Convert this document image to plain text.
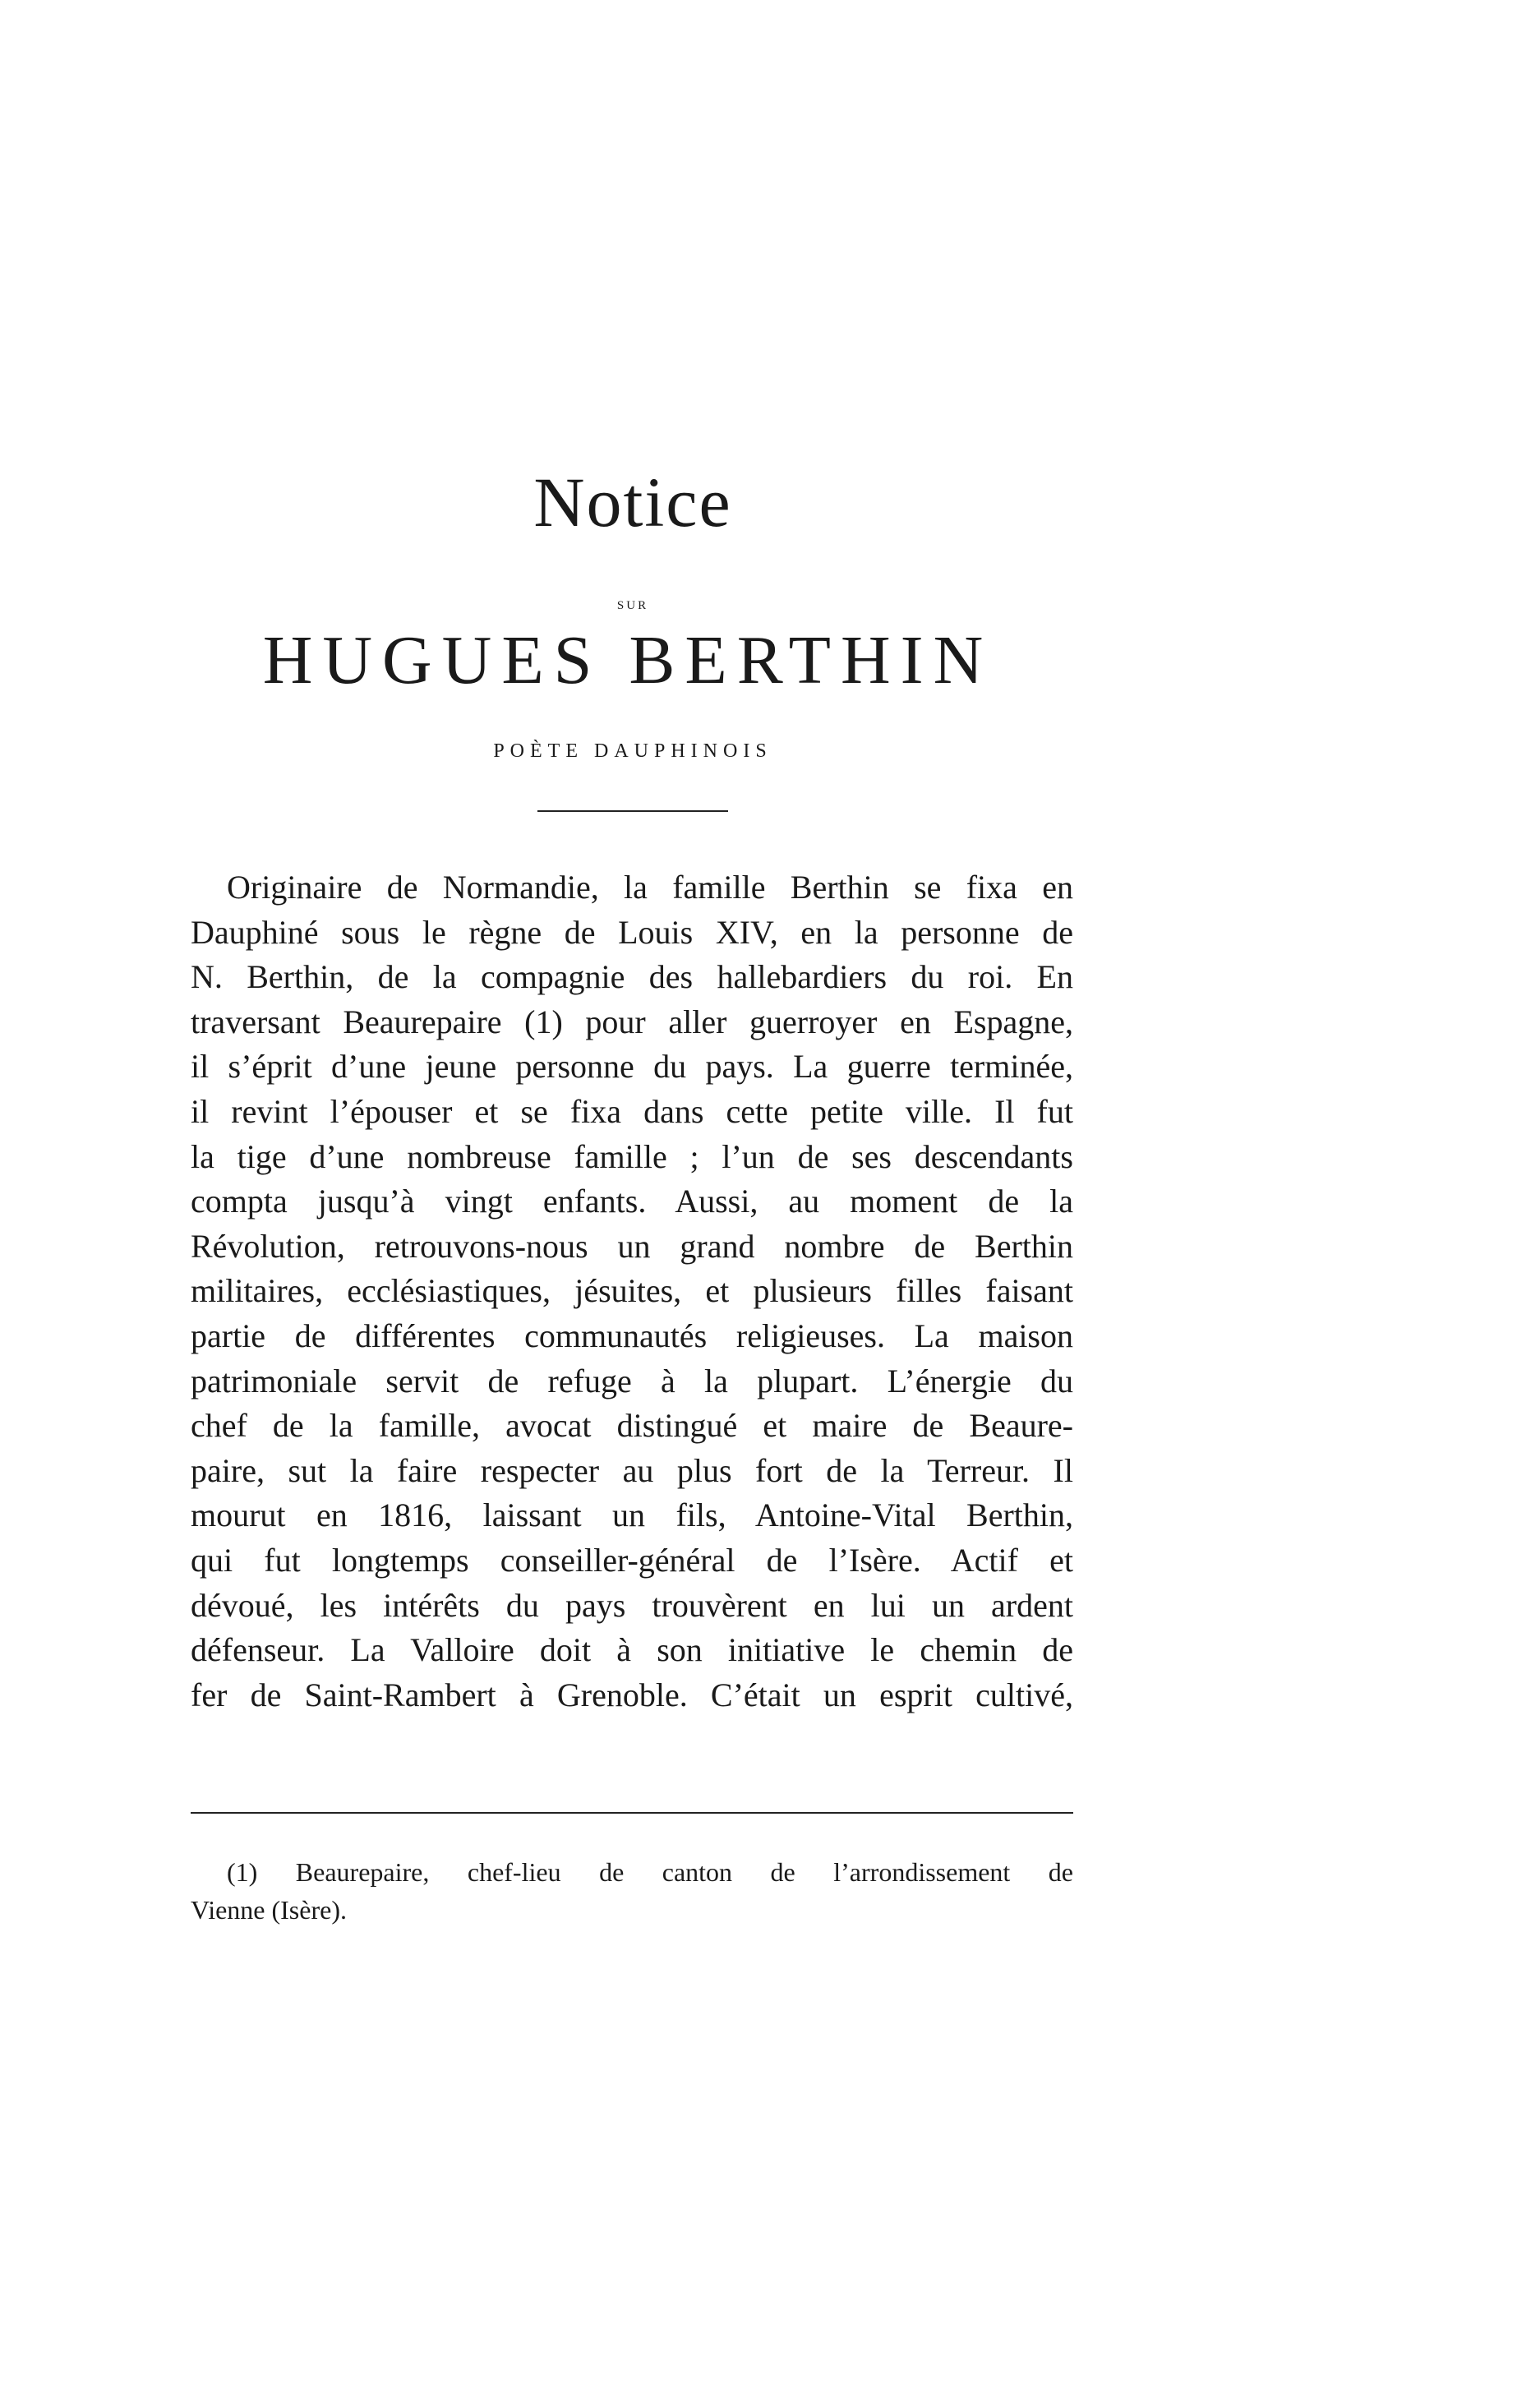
Notice
SUR
HUGUES BERTHIN
POÈTE DAUPHINOIS
Originaire de Normandie, la famille Berthin se fixa en
Dauphiné sous le règne de Louis XIV, en la personne de
N. Berthin, de la compagnie des hallebardiers du roi. En
traversant Beaurepaire (1) pour aller guerroyer en Espagne,
il s’éprit d’une jeune personne du pays. La guerre terminée,
il revint l’épouser et se fixa dans cette petite ville. Il fut
la tige d’une nombreuse famille ; l’un de ses descendants
compta jusqu’à vingt enfants. Aussi, au moment de la
Révolution, retrouvons-nous un grand nombre de Berthin
militaires, ecclésiastiques, jésuites, et plusieurs filles faisant
partie de différentes communautés religieuses. La maison
patrimoniale servit de refuge à la plupart. L’énergie du
chef de la famille, avocat distingué et maire de Beaure-
paire, sut la faire respecter au plus fort de la Terreur. Il
mourut en 1816, laissant un fils, Antoine-Vital Berthin,
qui fut longtemps conseiller-général de l’Isère. Actif et
dévoué, les intérêts du pays trouvèrent en lui un ardent
défenseur. La Valloire doit à son initiative le chemin de
fer de Saint-Rambert à Grenoble. C’était un esprit cultivé,
(1) Beaurepaire, chef-lieu de canton de l’arrondissement de
Vienne (Isère).
